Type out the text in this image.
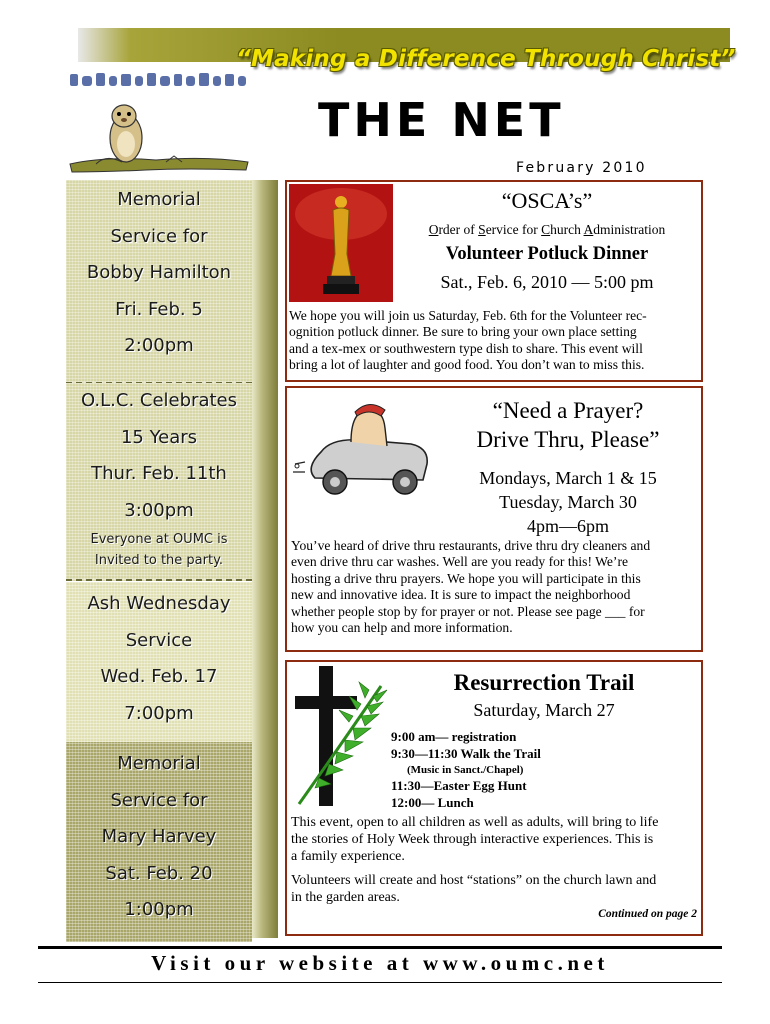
“Making a Difference Through Christ”
THE NET
February 2010
Memorial
Service for
Bobby Hamilton
Fri. Feb. 5
2:00pm
O.L.C. Celebrates
15 Years
Thur. Feb. 11th
3:00pm
Everyone at OUMC is
Invited to the party.
Ash Wednesday
Service
Wed. Feb. 17
7:00pm
Memorial
Service for
Mary Harvey
Sat. Feb. 20
1:00pm
“OSCA’s”
Order of Service for Church Administration
Volunteer Potluck Dinner
Sat., Feb. 6, 2010 — 5:00 pm
We hope you will join us Saturday, Feb. 6th for the Volunteer rec-
ognition potluck dinner. Be sure to bring your own place setting
and a tex-mex or southwestern type dish to share. This event will
bring a lot of laughter and good food. You don’t wan to miss this.
“Need a Prayer?
Drive Thru, Please”
Mondays, March 1 & 15
Tuesday, March 30
4pm—6pm
You’ve heard of drive thru restaurants, drive thru dry cleaners and
even drive thru car washes. Well are you ready for this! We’re
hosting a drive thru prayers. We hope you will participate in this
new and innovative idea. It is sure to impact the neighborhood
whether people stop by for prayer or not. Please see page ___ for
how you can help and more information.
Resurrection Trail
Saturday, March 27
9:00 am— registration
9:30—11:30 Walk the Trail
(Music in Sanct./Chapel)
11:30—Easter Egg Hunt
12:00— Lunch
This event, open to all children as well as adults, will bring to life
the stories of Holy Week through interactive experiences. This is
a family experience.
Volunteers will create and host “stations” on the church lawn and
in the garden areas.
Continued on page 2
Visit our website at www.oumc.net
